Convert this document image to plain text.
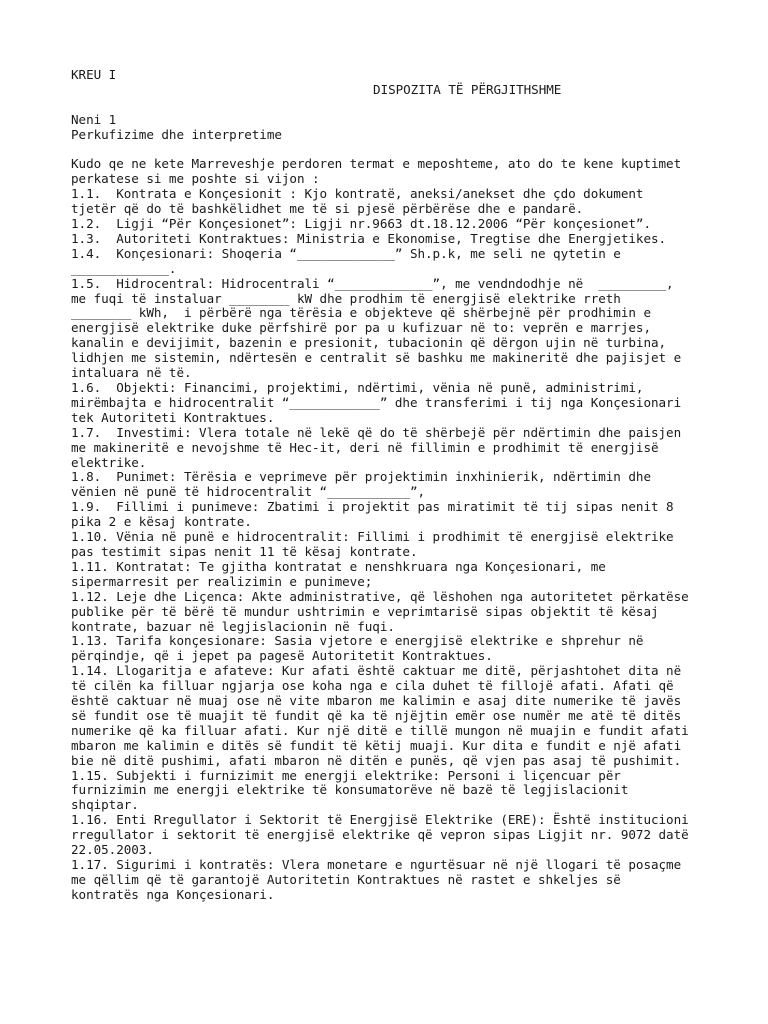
KREU I
DISPOZITA TË PËRGJITHSHME
Neni 1
Perkufizime dhe interpretime
Kudo qe ne kete Marreveshje perdoren termat e meposhteme, ato do te kene kuptimet
perkatese si me poshte si vijon :
1.1.  Kontrata e Konçesionit : Kjo kontratë, aneksi/anekset dhe çdo dokument
tjetër që do të bashkëlidhet me të si pjesë përbërëse dhe e pandarë.
1.2.  Ligji “Për Konçesionet”: Ligji nr.9663 dt.18.12.2006 “Për konçesionet”.
1.3.  Autoriteti Kontraktues: Ministria e Ekonomise, Tregtise dhe Energjetikes.
1.4.  Konçesionari: Shoqeria “_____________” Sh.p.k, me seli ne qytetin e
_____________.
1.5.  Hidrocentral: Hidrocentrali “_____________”, me vendndodhje në  _________,
me fuqi të instaluar ________ kW dhe prodhim të energjisë elektrike rreth
________ kWh,  i përbërë nga tërësia e objekteve që shërbejnë për prodhimin e
energjisë elektrike duke përfshirë por pa u kufizuar në to: veprën e marrjes,
kanalin e devijimit, bazenin e presionit, tubacionin që dërgon ujin në turbina,
lidhjen me sistemin, ndërtesën e centralit së bashku me makineritë dhe pajisjet e
intaluara në të.
1.6.  Objekti: Financimi, projektimi, ndërtimi, vënia në punë, administrimi,
mirëmbajta e hidrocentralit “____________” dhe transferimi i tij nga Konçesionari
tek Autoriteti Kontraktues.
1.7.  Investimi: Vlera totale në lekë që do të shërbejë për ndërtimin dhe paisjen
me makineritë e nevojshme të Hec-it, deri në fillimin e prodhimit të energjisë
elektrike.
1.8.  Punimet: Tërësia e veprimeve për projektimin inxhinierik, ndërtimin dhe
vënien në punë të hidrocentralit “___________”,
1.9.  Fillimi i punimeve: Zbatimi i projektit pas miratimit të tij sipas nenit 8
pika 2 e kësaj kontrate.
1.10. Vënia në punë e hidrocentralit: Fillimi i prodhimit të energjisë elektrike
pas testimit sipas nenit 11 të kësaj kontrate.
1.11. Kontratat: Te gjitha kontratat e nenshkruara nga Konçesionari, me
sipermarresit per realizimin e punimeve;
1.12. Leje dhe Liçenca: Akte administrative, që lëshohen nga autoritetet përkatëse
publike për të bërë të mundur ushtrimin e veprimtarisë sipas objektit të kësaj
kontrate, bazuar në legjislacionin në fuqi.
1.13. Tarifa konçesionare: Sasia vjetore e energjisë elektrike e shprehur në
përqindje, që i jepet pa pagesë Autoritetit Kontraktues.
1.14. Llogaritja e afateve: Kur afati është caktuar me ditë, përjashtohet dita në
të cilën ka filluar ngjarja ose koha nga e cila duhet të fillojë afati. Afati që
është caktuar në muaj ose në vite mbaron me kalimin e asaj dite numerike të javës
së fundit ose të muajit të fundit që ka të njëjtin emër ose numër me atë të ditës
numerike që ka filluar afati. Kur një ditë e tillë mungon në muajin e fundit afati
mbaron me kalimin e ditës së fundit të këtij muaji. Kur dita e fundit e një afati
bie në ditë pushimi, afati mbaron në ditën e punës, që vjen pas asaj të pushimit.
1.15. Subjekti i furnizimit me energji elektrike: Personi i liçencuar për
furnizimin me energji elektrike të konsumatorëve në bazë të legjislacionit
shqiptar.
1.16. Enti Rregullator i Sektorit të Energjisë Elektrike (ERE): Është institucioni
rregullator i sektorit të energjisë elektrike që vepron sipas Ligjit nr. 9072 datë
22.05.2003.
1.17. Sigurimi i kontratës: Vlera monetare e ngurtësuar në një llogari të posaçme
me qëllim që të garantojë Autoritetin Kontraktues në rastet e shkeljes së
kontratës nga Konçesionari.
